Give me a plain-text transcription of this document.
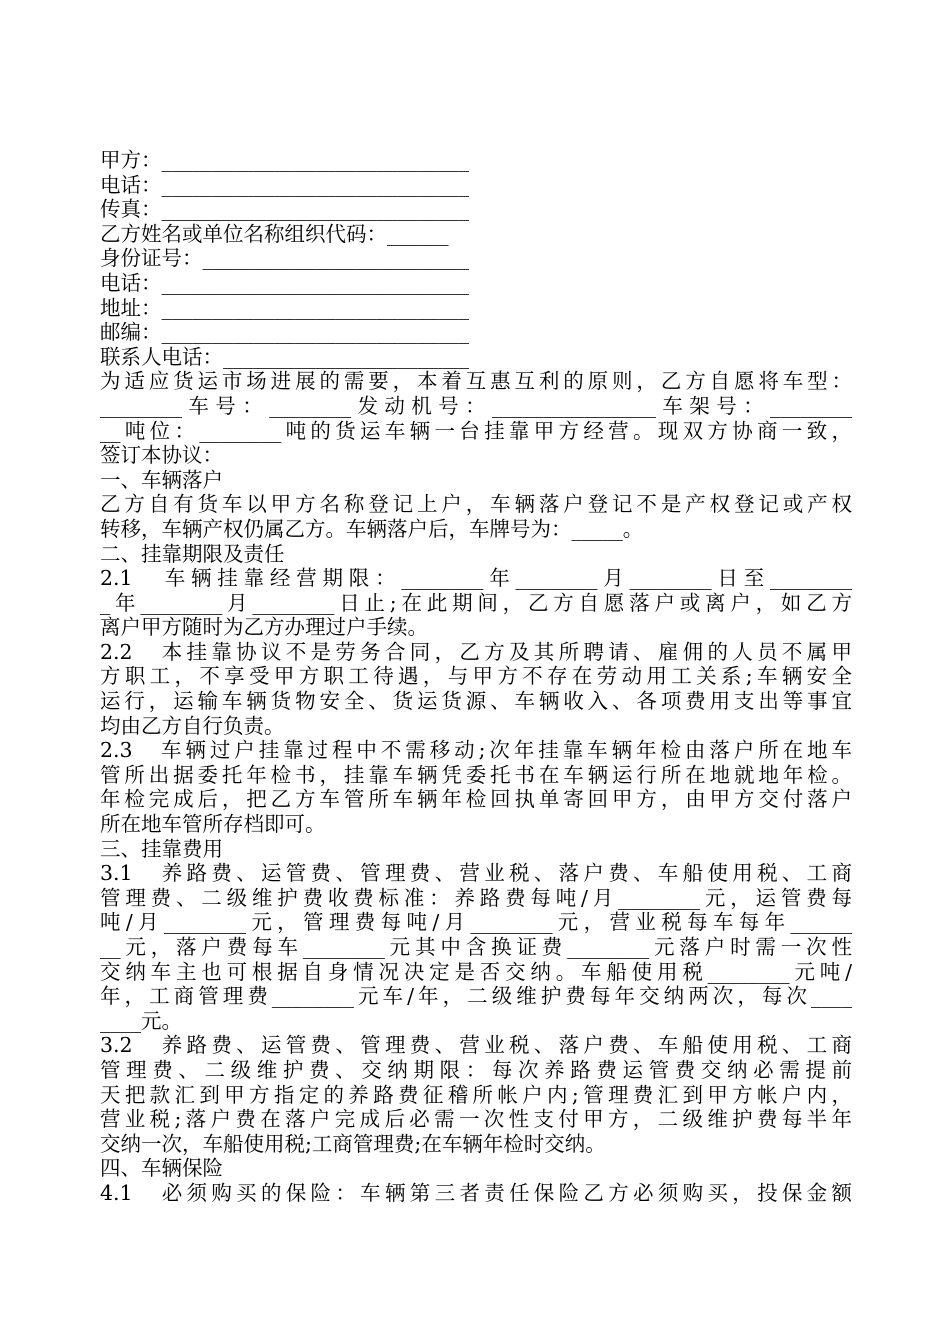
甲方：______________________________
电话：______________________________
传真：______________________________
乙方姓名或单位名称组织代码：______
身份证号：__________________________
电话：______________________________
地址：______________________________
邮编：______________________________
联系人电话：________________________
为适应货运市场进展的需要，本着互惠互利的原则，乙方自愿将车型：
________车号：________发动机号：________________车架号：________
__吨位：________吨的货运车辆一台挂靠甲方经营。现双方协商一致，
签订本协议：
一、车辆落户
乙方自有货车以甲方名称登记上户，车辆落户登记不是产权登记或产权
转移，车辆产权仍属乙方。车辆落户后，车牌号为：_____。
二、挂靠期限及责任
2.1　车辆挂靠经营期限：________年________月________日至________
_年________月________日止;在此期间，乙方自愿落户或离户，如乙方
离户甲方随时为乙方办理过户手续。
2.2　本挂靠协议不是劳务合同，乙方及其所聘请、雇佣的人员不属甲
方职工，不享受甲方职工待遇，与甲方不存在劳动用工关系;车辆安全
运行，运输车辆货物安全、货运货源、车辆收入、各项费用支出等事宜
均由乙方自行负责。
2.3　车辆过户挂靠过程中不需移动;次年挂靠车辆年检由落户所在地车
管所出据委托年检书，挂靠车辆凭委托书在车辆运行所在地就地年检。
年检完成后，把乙方车管所车辆年检回执单寄回甲方，由甲方交付落户
所在地车管所存档即可。
三、挂靠费用
3.1　养路费、运管费、管理费、营业税、落户费、车船使用税、工商
管理费、二级维护费收费标准：养路费每吨/月________元，运管费每
吨/月________元，管理费每吨/月________元，营业税每车每年______
__元，落户费每车________元其中含换证费________元落户时需一次性
交纳车主也可根据自身情况决定是否交纳。车船使用税________元吨/
年，工商管理费________元车/年，二级维护费每年交纳两次，每次____
____元。
3.2　养路费、运管费、管理费、营业税、落户费、车船使用税、工商
管理费、二级维护费、交纳期限：每次养路费运管费交纳必需提前
天把款汇到甲方指定的养路费征稽所帐户内;管理费汇到甲方帐户内，
营业税;落户费在落户完成后必需一次性支付甲方，二级维护费每半年
交纳一次，车船使用税;工商管理费;在车辆年检时交纳。
四、车辆保险
4.1　必须购买的保险：车辆第三者责任保险乙方必须购买，投保金额
